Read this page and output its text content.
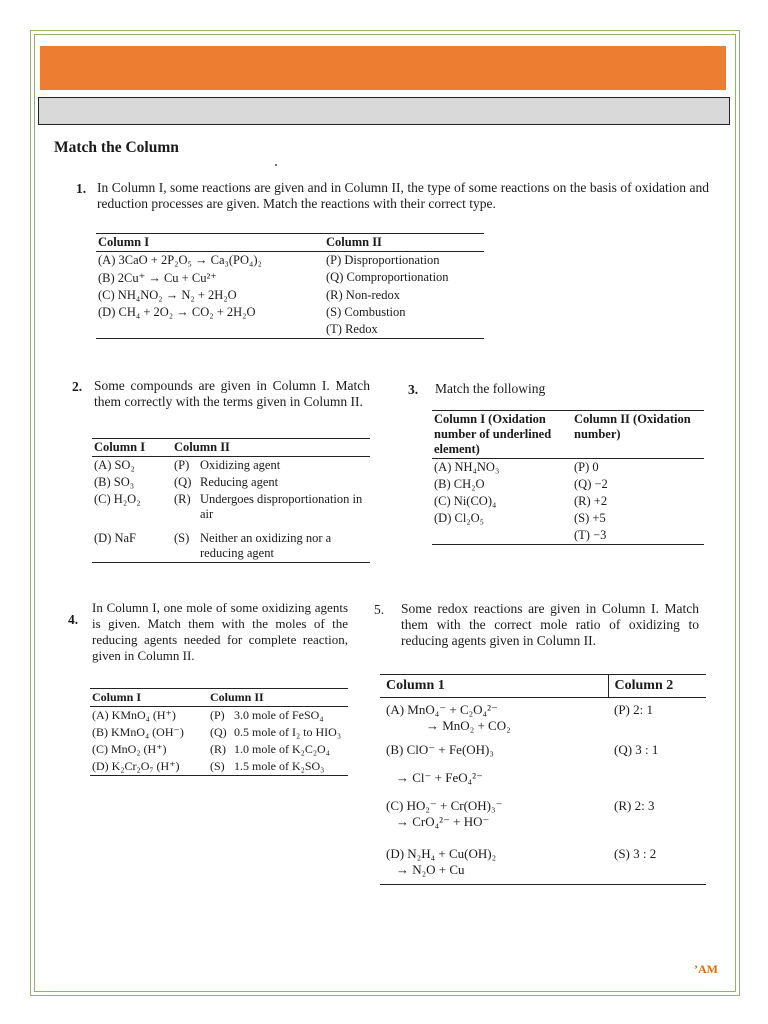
Match the Column
1. In Column I, some reactions are given and in Column II, the type of some reactions on the basis of oxidation and reduction processes are given. Match the reactions with their correct type.
Column I	Column II
(A) 3CaO + 2P₂O₅ → Ca₃(PO₄)₂	(P) Disproportionation
(B) 2Cu⁺ → Cu + Cu²⁺	(Q) Comproportionation
(C) NH₄NO₂ → N₂ + 2H₂O	(R) Non-redox
(D) CH₄ + 2O₂ → CO₂ + 2H₂O	(S) Combustion
	(T) Redox
2. Some compounds are given in Column I. Match them correctly with the terms given in Column II.
Column I	Column II	
(A) SO₂	(P)	Oxidizing agent
(B) SO₃	(Q)	Reducing agent
(C) H₂O₂	(R)	Undergoes disproportionation in air
(D) NaF	(S)	Neither an oxidizing nor a reducing agent
3. Match the following
Column I (Oxidation number of underlined element)	Column II (Oxidation number)
(A) NH₄NO₃	(P) 0
(B) CH₂O	(Q) −2
(C) Ni(CO)₄	(R) +2
(D) Cl₂O₅	(S) +5
	(T) −3
4.
In Column I, one mole of some oxidizing agents is given. Match them with the moles of the reducing agents needed for complete reaction, given in Column II.
Column I	Column II	
(A) KMnO₄ (H⁺)	(P)	3.0 mole of FeSO₄
(B) KMnO₄ (OH⁻)	(Q)	0.5 mole of I₂ to HIO₃
(C) MnO₂ (H⁺)	(R)	1.0 mole of K₂C₂O₄
(D) K₂Cr₂O₇ (H⁺)	(S)	1.5 mole of K₂SO₃
5. Some redox reactions are given in Column I. Match them with the correct mole ratio of oxidizing to reducing agents given in Column II.
Column 1	Column 2

(A) MnO₄⁻ + C₂O₄²⁻
→ MnO₂ + CO₂	(P) 2: 1

(B) ClO⁻ + Fe(OH)₃
→ Cl⁻ + FeO₄²⁻	(Q) 3 : 1

(C) HO₂⁻ + Cr(OH)₃⁻
→ CrO₄²⁻ + HO⁻	(R) 2: 3

(D) N₂H₄ + Cu(OH)₂
→ N₂O + Cu	(S) 3 : 2
’AM
